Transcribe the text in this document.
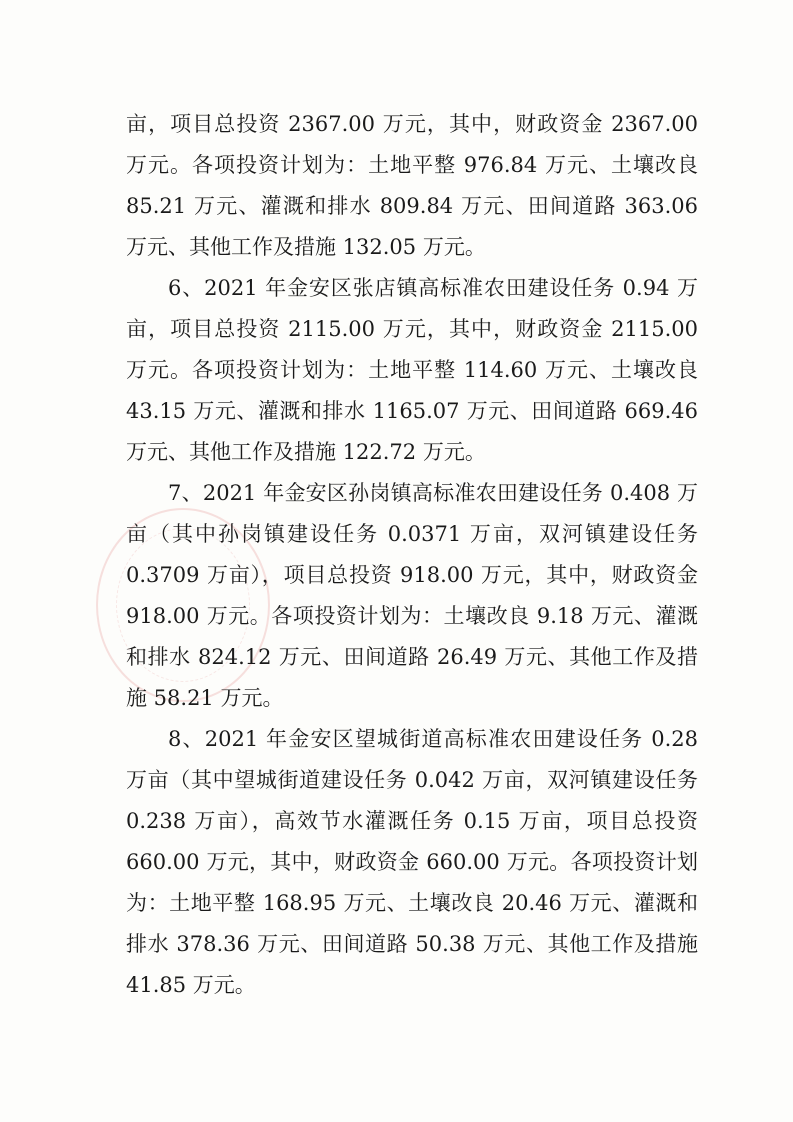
亩，项目总投资 2367.00 万元，其中，财政资金 2367.00 万元。各项投资计划为：土地平整 976.84 万元、土壤改良 85.21 万元、灌溉和排水 809.84 万元、田间道路 363.06 万元、其他工作及措施 132.05 万元。

6、2021 年金安区张店镇高标准农田建设任务 0.94 万亩，项目总投资 2115.00 万元，其中，财政资金 2115.00 万元。各项投资计划为：土地平整 114.60 万元、土壤改良 43.15 万元、灌溉和排水 1165.07 万元、田间道路 669.46 万元、其他工作及措施 122.72 万元。

7、2021 年金安区孙岗镇高标准农田建设任务 0.408 万亩（其中孙岗镇建设任务 0.0371 万亩，双河镇建设任务 0.3709 万亩），项目总投资 918.00 万元，其中，财政资金 918.00 万元。各项投资计划为：土壤改良 9.18 万元、灌溉和排水 824.12 万元、田间道路 26.49 万元、其他工作及措施 58.21 万元。

8、2021 年金安区望城街道高标准农田建设任务 0.28 万亩（其中望城街道建设任务 0.042 万亩，双河镇建设任务 0.238 万亩），高效节水灌溉任务 0.15 万亩，项目总投资 660.00 万元，其中，财政资金 660.00 万元。各项投资计划为：土地平整 168.95 万元、土壤改良 20.46 万元、灌溉和排水 378.36 万元、田间道路 50.38 万元、其他工作及措施 41.85 万元。
